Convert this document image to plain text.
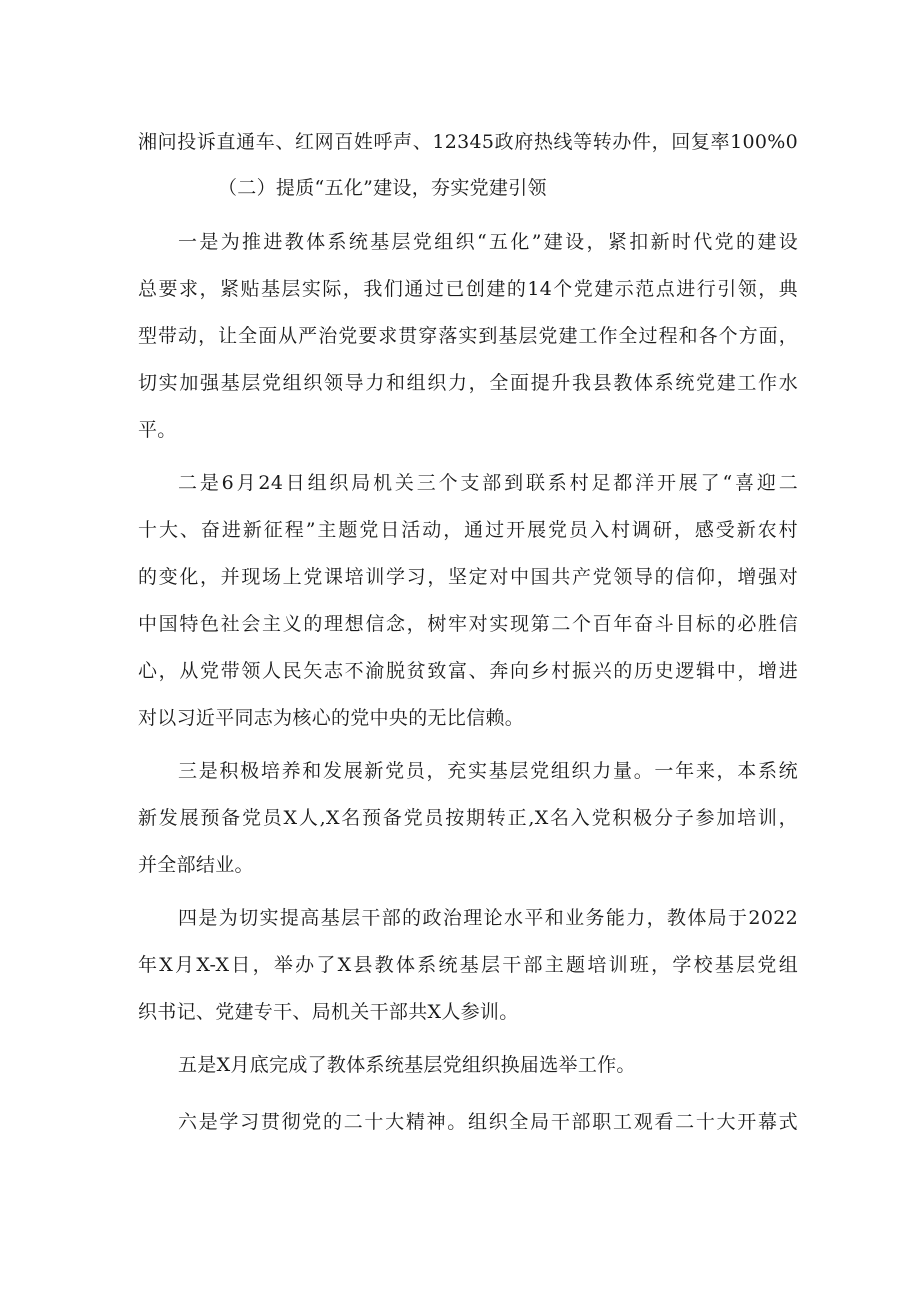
湘问投诉直通车、红网百姓呼声、12345政府热线等转办件，回复率100%0
（二）提质“五化”建设，夯实党建引领
一是为推进教体系统基层党组织“五化”建设，紧扣新时代党的建设
总要求，紧贴基层实际，我们通过已创建的14个党建示范点进行引领，典
型带动，让全面从严治党要求贯穿落实到基层党建工作全过程和各个方面，
切实加强基层党组织领导力和组织力，全面提升我县教体系统党建工作水
平。
二是6月24日组织局机关三个支部到联系村足都洋开展了“喜迎二
十大、奋进新征程”主题党日活动，通过开展党员入村调研，感受新农村
的变化，并现场上党课培训学习，坚定对中国共产党领导的信仰，增强对
中国特色社会主义的理想信念，树牢对实现第二个百年奋斗目标的必胜信
心，从党带领人民矢志不渝脱贫致富、奔向乡村振兴的历史逻辑中，增进
对以习近平同志为核心的党中央的无比信赖。
三是积极培养和发展新党员，充实基层党组织力量。一年来，本系统
新发展预备党员X人,X名预备党员按期转正,X名入党积极分子参加培训，
并全部结业。
四是为切实提高基层干部的政治理论水平和业务能力，教体局于2022
年X月X-X日，举办了X县教体系统基层干部主题培训班，学校基层党组
织书记、党建专干、局机关干部共X人参训。
五是X月底完成了教体系统基层党组织换届选举工作。
六是学习贯彻党的二十大精神。组织全局干部职工观看二十大开幕式
